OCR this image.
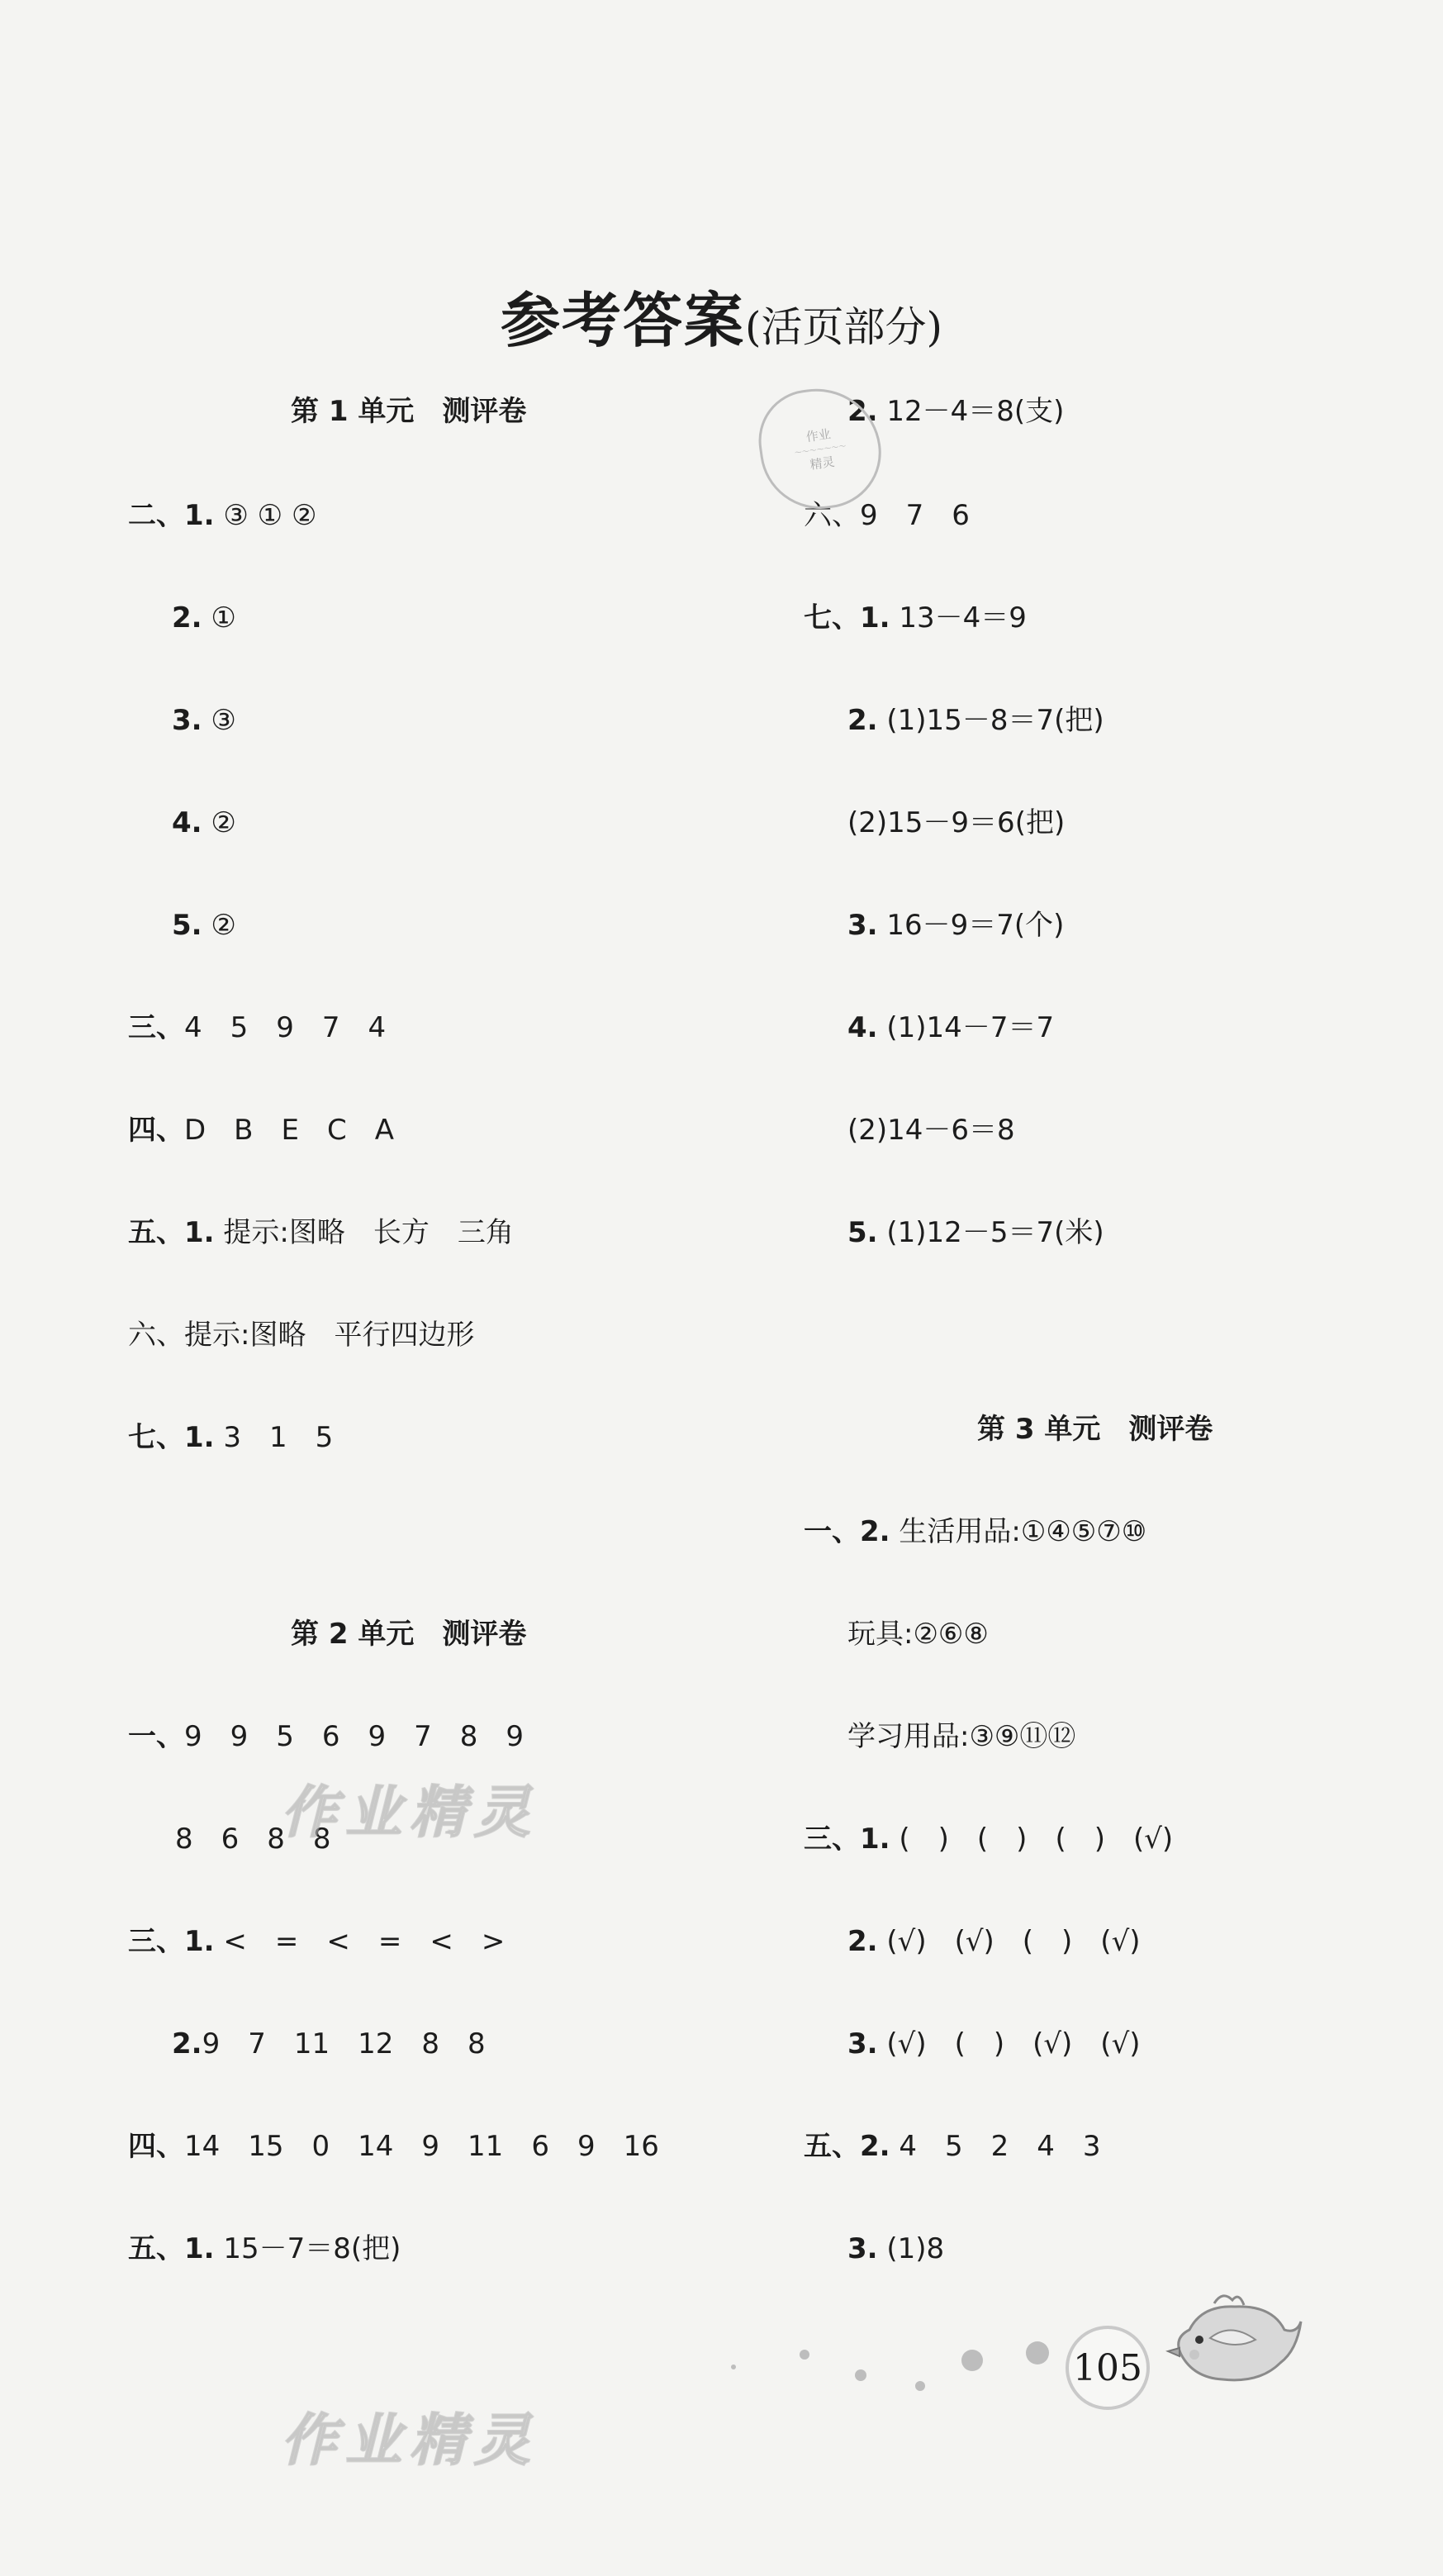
参考答案(活页部分)
第 1 单元　测评卷
二、1. ③ ① ②
2. ①
3. ③
4. ②
5. ②
三、4　5　9　7　4
四、D　B　E　C　A
五、1. 提示:图略　长方　三角
六、提示:图略　平行四边形
七、1. 3　1　5
第 2 单元　测评卷
一、9　9　5　6　9　7　8　9
8　6　8　8
三、1. <　=　<　=　<　>
2.9　7　11　12　8　8
四、14　15　0　14　9　11　6　9　16
五、1. 15－7＝8(把)
2. 12－4＝8(支)
六、9　7　6
七、1. 13－4＝9
2. (1)15－8＝7(把)
(2)15－9＝6(把)
3. 16－9＝7(个)
4. (1)14－7＝7
(2)14－6＝8
5. (1)12－5＝7(米)
第 3 单元　测评卷
一、2. 生活用品:①④⑤⑦⑩
玩具:②⑥⑧
学习用品:③⑨⑪⑫
三、1. (　)　(　)　(　)　(√)
2. (√)　(√)　(　)　(√)
3. (√)　(　)　(√)　(√)
五、2. 4　5　2　4　3
3. (1)8
作业
～～～～～～～
精灵
作业精灵
作业精灵
105
